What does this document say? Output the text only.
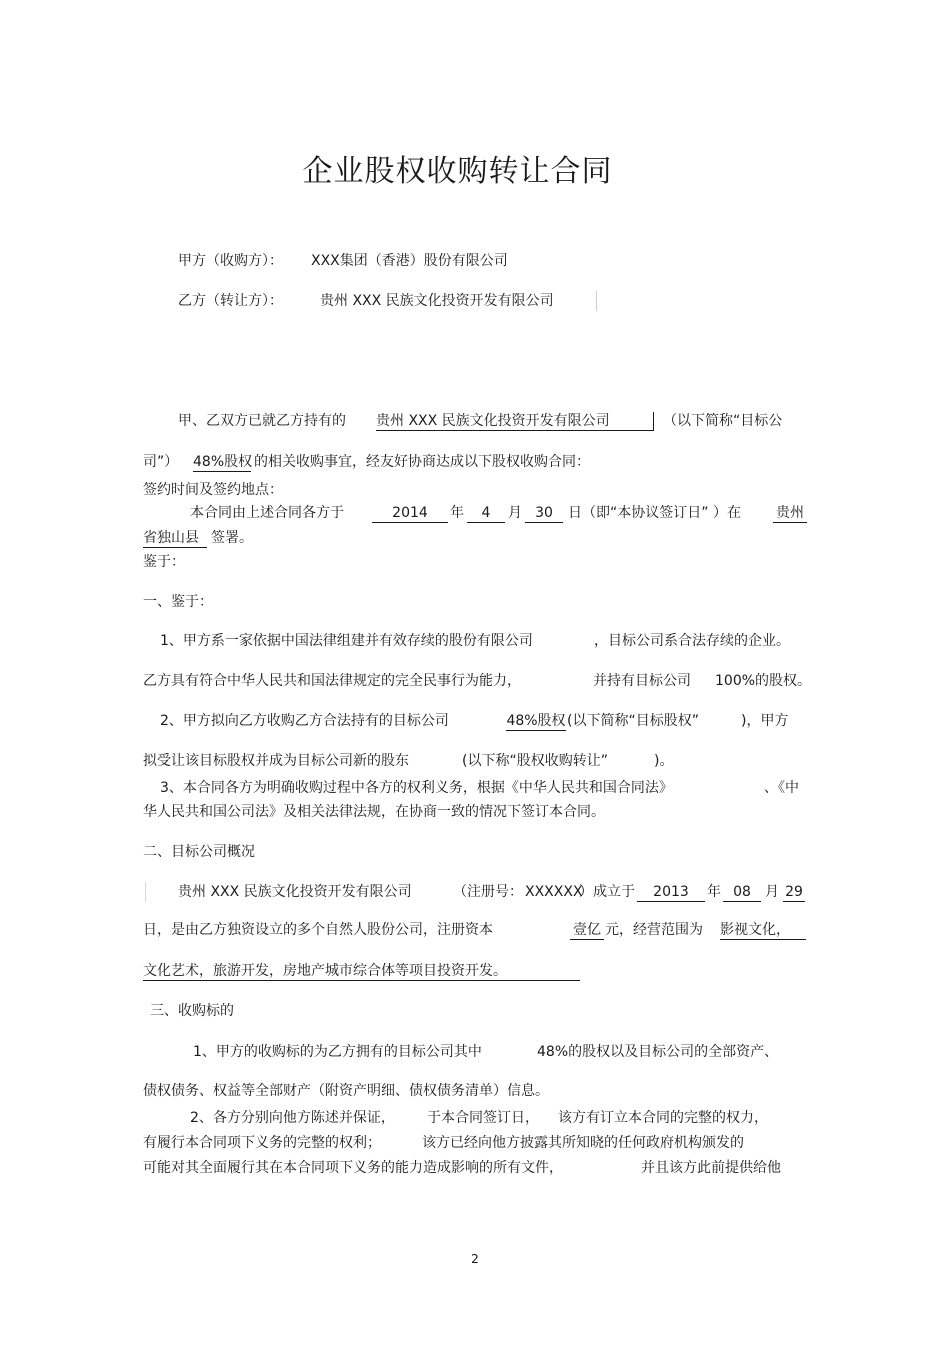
企业股权收购转让合同
甲方（收购方）： XXX集团（香港）股份有限公司
乙方（转让方）：	贵州 XXX 民族文化投资开发有限公司
甲、乙双方已就乙方持有的 贵州 XXX 民族文化投资开发有限公司	（以下简称“目标公
司”） 48%股权 的相关收购事宜，经友好协商达成以下股权收购合同：
签约时间及签约地点：
本合同由上述合同各方于	2014	年	4	月 30	日（即“本协议签订日” ）在	贵州
省独山县 签署。
鉴于：
一、鉴于：
1、甲方系一家依据中国法律组建并有效存续的股份有限公司	，目标公司系合法存续的企业。
乙方具有符合中华人民共和国法律规定的完全民事行为能力，	并持有目标公司 100%的股权。
2、甲方拟向乙方收购乙方合法持有的目标公司	48%股权 (以下简称“目标股权”	)，甲方
拟受让该目标股权并成为目标公司新的股东	(以下称“股权收购转让”	)。
3、本合同各方为明确收购过程中各方的权利义务，根据《中华人民共和国合同法》	、《中
华人民共和国公司法》及相关法律法规，在协商一致的情况下签订本合同。
二、目标公司概况
贵州 XXX 民族文化投资开发有限公司	（注册号： XXXXXX
）成立于	2013	年 08	月 29
日，是由乙方独资设立的多个自然人股份公司，注册资本	壹亿 元，经营范围为 影视文化，
文化艺术，旅游开发，房地产城市综合体等项目投资开发。
三、收购标的
1、甲方的收购标的为乙方拥有的目标公司其中	48%的股权以及目标公司的全部资产、
债权债务、权益等全部财产（附资产明细、债权债务清单）信息。
2、各方分别向他方陈述并保证， 于本合同签订日， 该方有订立本合同的完整的权力，
有履行本合同项下义务的完整的权利；	该方已经向他方披露其所知晓的任何政府机构颁发的
可能对其全面履行其在本合同项下义务的能力造成影响的所有文件，	并且该方此前提供给他
2
